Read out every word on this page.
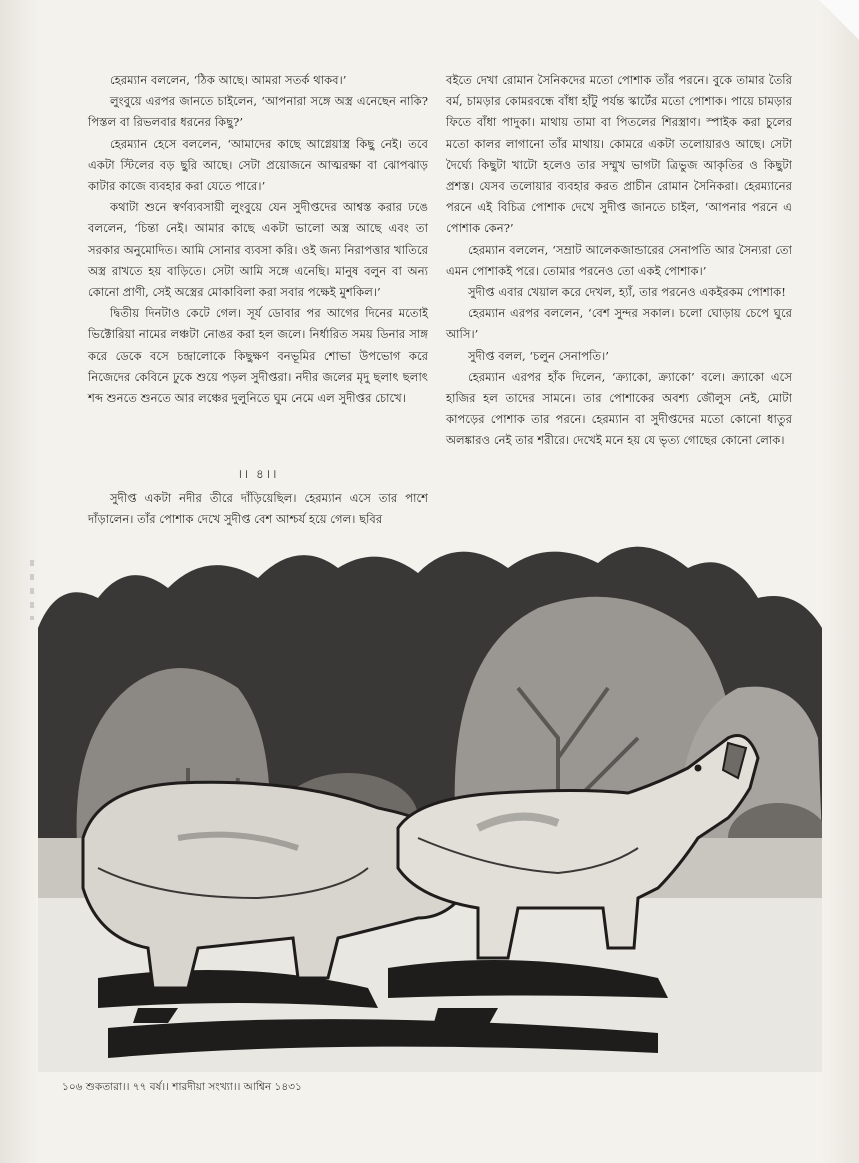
হেরম্যান বললেন, ‘ঠিক আছে। আমরা সতর্ক থাকব।’

লুংবুয়ে এরপর জানতে চাইলেন, ‘আপনারা সঙ্গে অস্ত্র এনেছেন নাকি? পিস্তল বা রিভলবার ধরনের কিছু?’

হেরম্যান হেসে বললেন, ‘আমাদের কাছে আগ্নেয়াস্ত্র কিছু নেই। তবে একটা স্টিলের বড় ছুরি আছে। সেটা প্রয়োজনে আত্মরক্ষা বা ঝোপঝাড় কাটার কাজে ব্যবহার করা যেতে পারে।’

কথাটা শুনে স্বর্ণব্যবসায়ী লুংবুয়ে যেন সুদীপ্তদের আশ্বস্ত করার ঢঙে বললেন, ‘চিন্তা নেই। আমার কাছে একটা ভালো অস্ত্র আছে এবং তা সরকার অনুমোদিত। আমি সোনার ব্যবসা করি। ওই জন্য নিরাপত্তার খাতিরে অস্ত্র রাখতে হয় বাড়িতে। সেটা আমি সঙ্গে এনেছি। মানুষ বলুন বা অন্য কোনো প্রাণী, সেই অস্ত্রের মোকাবিলা করা সবার পক্ষেই মুশকিল।’

দ্বিতীয় দিনটাও কেটে গেল। সূর্য ডোবার পর আগের দিনের মতোই ভিক্টোরিয়া নামের লঞ্চটা নোঙর করা হল জলে। নির্ধারিত সময় ডিনার সাঙ্গ করে ডেকে বসে চন্দ্রালোকে কিছুক্ষণ বনভূমির শোভা উপভোগ করে নিজেদের কেবিনে ঢুকে শুয়ে পড়ল সুদীপ্তরা। নদীর জলের মৃদু ছলাৎ ছলাৎ শব্দ শুনতে শুনতে আর লঞ্চের দুলুনিতে ঘুম নেমে এল সুদীপ্তর চোখে।

।। ৪।।

সুদীপ্ত একটা নদীর তীরে দাঁড়িয়েছিল। হেরম্যান এসে তার পাশে দাঁড়ালেন। তাঁর পোশাক দেখে সুদীপ্ত বেশ আশ্চর্য হয়ে গেল। ছবির

বইতে দেখা রোমান সৈনিকদের মতো পোশাক তাঁর পরনে। বুকে তামার তৈরি বর্ম, চামড়ার কোমরবন্ধে বাঁধা হাঁটু পর্যন্ত স্কার্টের মতো পোশাক। পায়ে চামড়ার ফিতে বাঁধা পাদুকা। মাথায় তামা বা পিতলের শিরস্ত্রাণ। স্পাইক করা চুলের মতো কালর লাগানো তাঁর মাথায়। কোমরে একটা তলোয়ারও আছে। সেটা দৈর্ঘ্যে কিছুটা খাটো হলেও তার সম্মুখ ভাগটা ত্রিভুজ আকৃতির ও কিছুটা প্রশস্ত। যেসব তলোয়ার ব্যবহার করত প্রাচীন রোমান সৈনিকরা। হেরম্যানের পরনে এই বিচিত্র পোশাক দেখে সুদীপ্ত জানতে চাইল, ‘আপনার পরনে এ পোশাক কেন?’

হেরম্যান বললেন, ‘সম্রাট আলেকজান্ডারের সেনাপতি আর সৈন্যরা তো এমন পোশাকই পরে। তোমার পরনেও তো একই পোশাক।’

সুদীপ্ত এবার খেয়াল করে দেখল, হ্যাঁ, তার পরনেও একইরকম পোশাক!

হেরম্যান এরপর বললেন, ‘বেশ সুন্দর সকাল। চলো ঘোড়ায় চেপে ঘুরে আসি।’

সুদীপ্ত বলল, ‘চলুন সেনাপতি।’

হেরম্যান এরপর হাঁক দিলেন, ‘ক্র্যাকো, ক্র্যাকো’ বলে। ক্র্যাকো এসে হাজির হল তাদের সামনে। তার পোশাকের অবশ্য জৌলুস নেই, মোটা কাপড়ের পোশাক তার পরনে। হেরম্যান বা সুদীপ্তদের মতো কোনো ধাতুর অলঙ্কারও নেই তার শরীরে। দেখেই মনে হয় যে ভৃত্য গোছের কোনো লোক।

১০৬ শুকতারা।। ৭৭ বর্ষ।। শারদীয়া সংখ্যা।। আশ্বিন ১৪৩১
